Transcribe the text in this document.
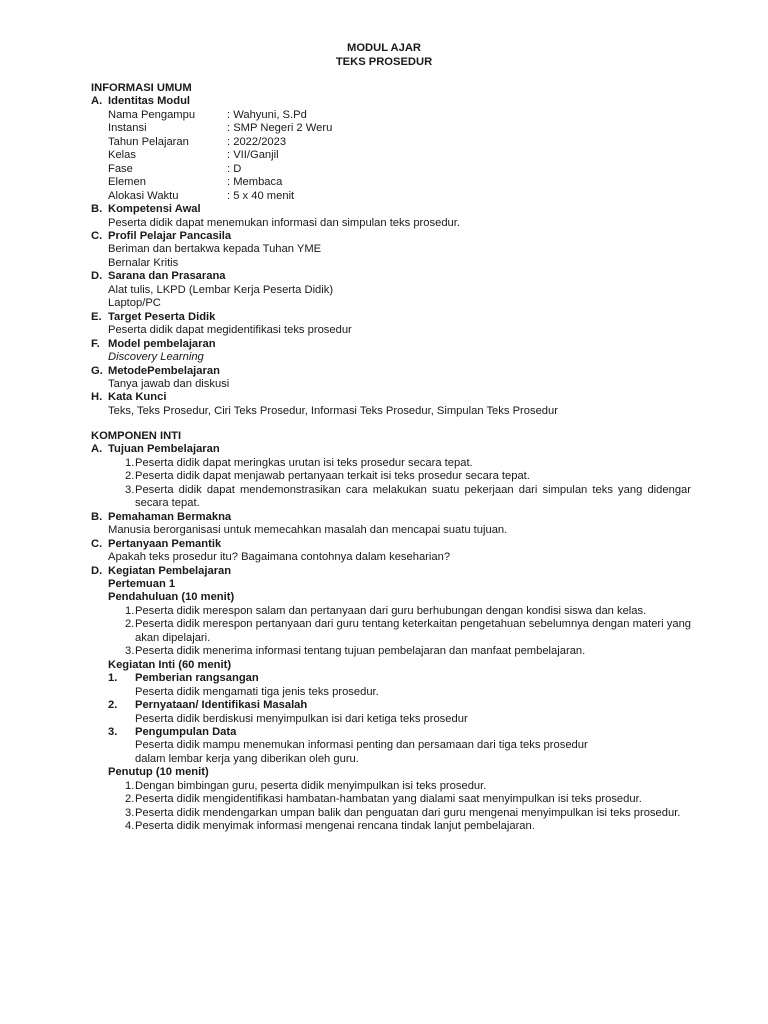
MODUL AJAR
TEKS PROSEDUR
INFORMASI UMUM
A. Identitas Modul
Nama Pengampu	: Wahyuni, S.Pd
Instansi	: SMP Negeri 2 Weru
Tahun Pelajaran	: 2022/2023
Kelas	: VII/Ganjil
Fase	: D
Elemen	: Membaca
Alokasi Waktu	: 5 x 40 menit
B. Kompetensi Awal
Peserta didik dapat menemukan informasi dan simpulan teks prosedur.
C. Profil Pelajar Pancasila
Beriman dan bertakwa kepada Tuhan YME
Bernalar Kritis
D. Sarana dan Prasarana
Alat tulis, LKPD (Lembar Kerja Peserta Didik)
Laptop/PC
E. Target Peserta Didik
Peserta didik dapat megidentifikasi teks prosedur
F. Model pembelajaran
Discovery Learning
G. MetodePembelajaran
Tanya jawab dan diskusi
H. Kata Kunci
Teks, Teks Prosedur, Ciri Teks Prosedur, Informasi Teks Prosedur, Simpulan Teks Prosedur
KOMPONEN INTI
A. Tujuan Pembelajaran
1. Peserta didik dapat meringkas urutan isi teks prosedur secara tepat.
2. Peserta didik dapat menjawab pertanyaan terkait isi teks prosedur secara tepat.
3. Peserta didik dapat mendemonstrasikan cara melakukan suatu pekerjaan dari simpulan teks yang didengar secara tepat.
B. Pemahaman Bermakna
Manusia berorganisasi untuk memecahkan masalah dan mencapai suatu tujuan.
C. Pertanyaan Pemantik
Apakah teks prosedur itu? Bagaimana contohnya dalam keseharian?
D. Kegiatan Pembelajaran
Pertemuan 1
Pendahuluan (10 menit)
1. Peserta didik merespon salam dan pertanyaan dari guru berhubungan dengan kondisi siswa dan kelas.
2. Peserta didik merespon pertanyaan dari guru tentang keterkaitan pengetahuan sebelumnya dengan materi yang akan dipelajari.
3. Peserta didik menerima informasi tentang tujuan pembelajaran dan manfaat pembelajaran.
Kegiatan Inti (60 menit)
1.	Pemberian rangsangan
Peserta didik mengamati tiga jenis teks prosedur.
2.	Pernyataan/ Identifikasi Masalah
Peserta didik berdiskusi menyimpulkan isi dari ketiga teks prosedur
3.	Pengumpulan Data
Peserta didik mampu menemukan informasi penting dan persamaan dari tiga teks prosedur
dalam lembar kerja yang diberikan oleh guru.
Penutup (10 menit)
1. Dengan bimbingan guru, peserta didik menyimpulkan isi teks prosedur.
2. Peserta didik mengidentifikasi hambatan-hambatan yang dialami saat menyimpulkan isi teks prosedur.
3. Peserta didik mendengarkan umpan balik dan penguatan dari guru mengenai menyimpulkan isi teks prosedur.
4. Peserta didik menyimak informasi mengenai rencana tindak lanjut pembelajaran.
